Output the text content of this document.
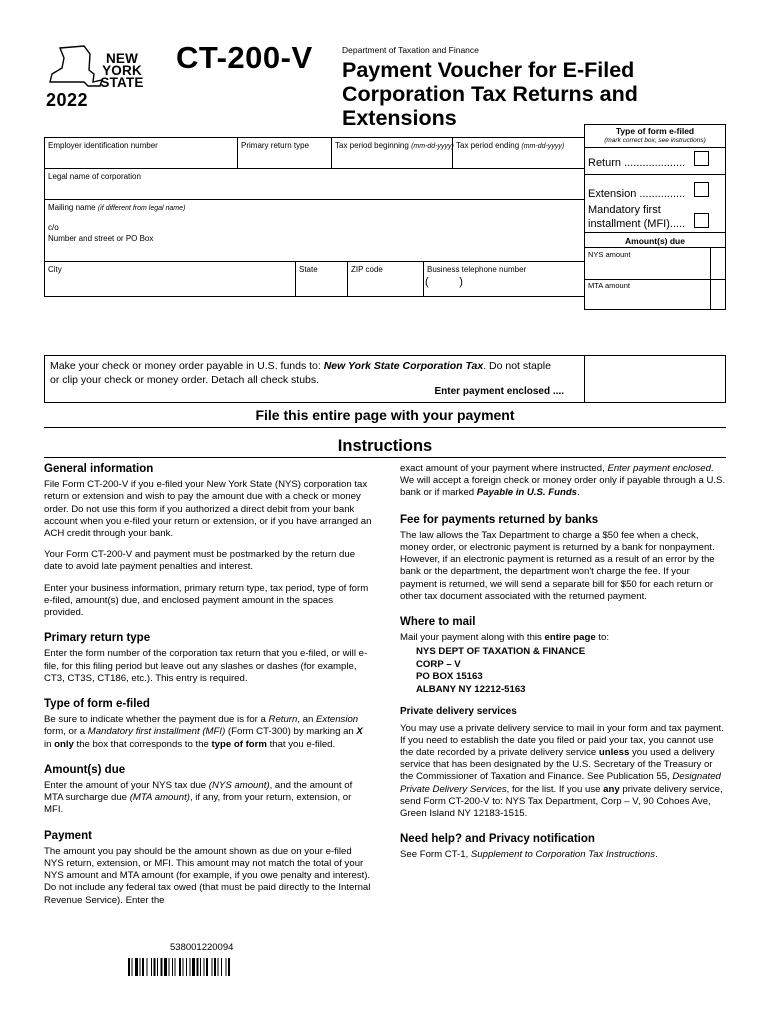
NEW
YORK
STATE
2022
CT-200-V	Department of Taxation and Finance
Payment Voucher for E-Filed
Corporation Tax Returns and
Extensions
Employer identification number	Primary return type	Tax period beginning (mm-dd-yyyy) Tax period ending (mm-dd-yyyy)
Legal name of corporation
Mailing name (if different from legal name)
c/o
Number and street or PO Box
City	State	ZIP code	Business telephone number
(          )
Type of form e-filed
(mark correct box; see instructions)
Return ....................
Extension ...............
Mandatory first
installment (MFI).....
Amount(s) due
NYS amount
MTA amount
Make your check or money order payable in U.S. funds to: New York State Corporation Tax. Do not staple
or clip your check or money order. Detach all check stubs.
Enter payment enclosed ....
File this entire page with your payment
Instructions
General information

File Form CT-200-V if you e-filed your New York State (NYS) corporation tax return or extension and wish to pay the amount due with a check or money order. Do not use this form if you authorized a direct debit from your bank account when you e-filed your return or extension, or if you have arranged an ACH credit through your bank.

Your Form CT-200-V and payment must be postmarked by the return due date to avoid late payment penalties and interest.

Enter your business information, primary return type, tax period, type of form e-filed, amount(s) due, and enclosed payment amount in the spaces provided.

Primary return type

Enter the form number of the corporation tax return that you e-filed, or will e-file, for this filing period but leave out any slashes or dashes (for example, CT3, CT3S, CT186, etc.). This entry is required.

Type of form e-filed

Be sure to indicate whether the payment due is for a Return, an Extension form, or a Mandatory first installment (MFI) (Form CT-300) by marking an X in only the box that corresponds to the type of form that you e-filed.

Amount(s) due

Enter the amount of your NYS tax due (NYS amount), and the amount of MTA surcharge due (MTA amount), if any, from your return, extension, or MFI.

Payment

The amount you pay should be the amount shown as due on your e-filed NYS return, extension, or MFI. This amount may not match the total of your NYS amount and MTA amount (for example, if you owe penalty and interest). Do not include any federal tax owed (that must be paid directly to the Internal Revenue Service). Enter the

exact amount of your payment where instructed, Enter payment enclosed. We will accept a foreign check or money order only if payable through a U.S. bank or if marked Payable in U.S. Funds.

Fee for payments returned by banks

The law allows the Tax Department to charge a $50 fee when a check, money order, or electronic payment is returned by a bank for nonpayment. However, if an electronic payment is returned as a result of an error by the bank or the department, the department won't charge the fee. If your payment is returned, we will send a separate bill for $50 for each return or other tax document associated with the returned payment.

Where to mail

Mail your payment along with this entire page to:

NYS DEPT OF TAXATION & FINANCE
CORP – V
PO BOX 15163
ALBANY NY 12212-5163
Private delivery services

You may use a private delivery service to mail in your form and tax payment. If you need to establish the date you filed or paid your tax, you cannot use the date recorded by a private delivery service unless you used a delivery service that has been designated by the U.S. Secretary of the Treasury or the Commissioner of Taxation and Finance. See Publication 55, Designated Private Delivery Services, for the list. If you use any private delivery service, send Form CT-200-V to: NYS Tax Department, Corp – V, 90 Cohoes Ave, Green Island NY 12183-1515.

Need help? and Privacy notification

See Form CT-1, Supplement to Corporation Tax Instructions.

538001220094
